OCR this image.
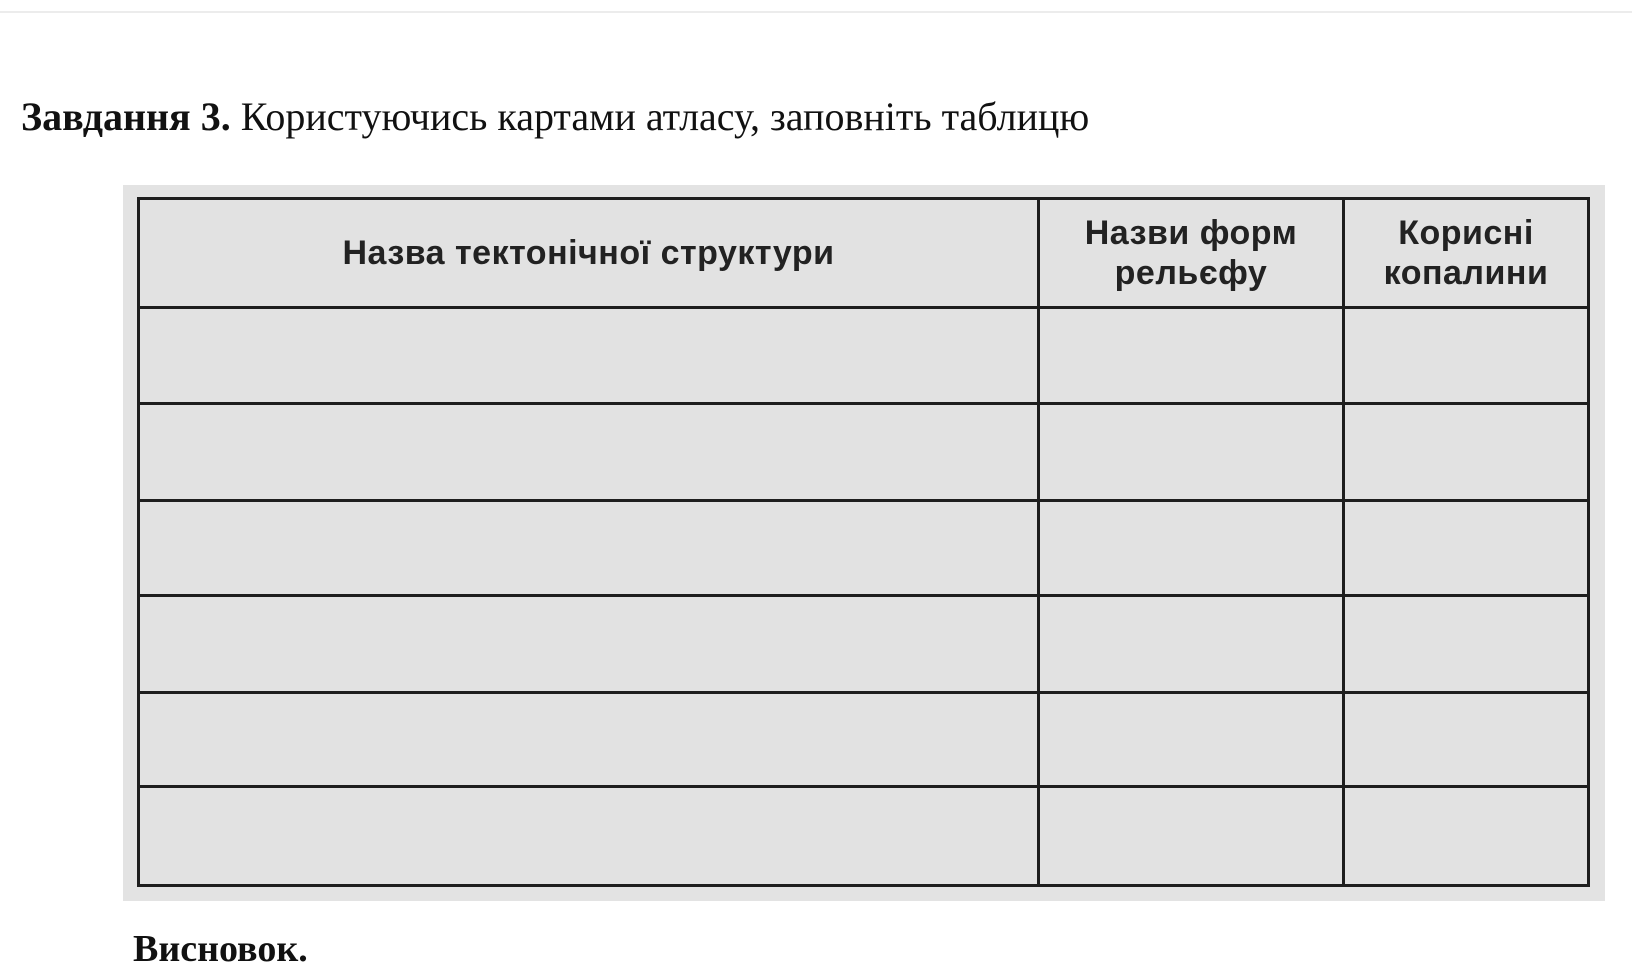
Завдання 3. Користуючись картами атласу, заповніть таблицю
Назва тектонічної структури	Назви форм рельєфу	Корисні копалини

Висновок.
